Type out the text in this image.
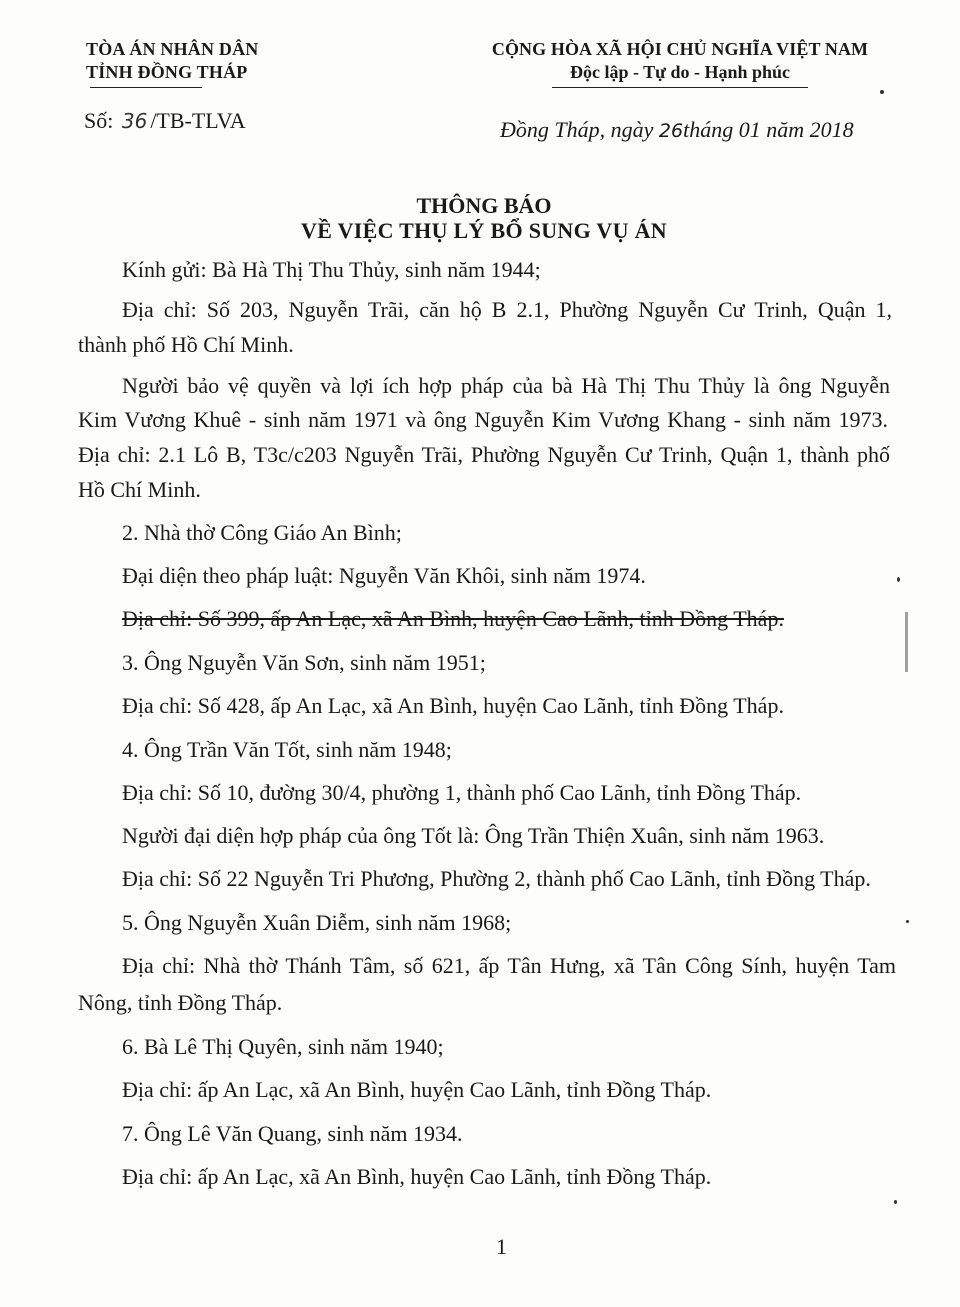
TÒA ÁN NHÂN DÂN
TỈNH ĐỒNG THÁP
CỘNG HÒA XÃ HỘI CHỦ NGHĨA VIỆT NAM
Độc lập - Tự do - Hạnh phúc
Số: 36 /TB-TLVA	Đồng Tháp, ngày 26tháng 01 năm 2018
THÔNG BÁO
VỀ VIỆC THỤ LÝ BỔ SUNG VỤ ÁN
Kính gửi: Bà Hà Thị Thu Thủy, sinh năm 1944;
Địa chỉ: Số 203, Nguyễn Trãi, căn hộ B 2.1, Phường Nguyễn Cư Trinh, Quận 1,
thành phố Hồ Chí Minh.
Người bảo vệ quyền và lợi ích hợp pháp của bà Hà Thị Thu Thủy là ông Nguyễn
Kim Vương Khuê - sinh năm 1971 và ông Nguyễn Kim Vương Khang - sinh năm 1973.
Địa chỉ: 2.1 Lô B, T3c/c203 Nguyễn Trãi, Phường Nguyễn Cư Trinh, Quận 1, thành phố
Hồ Chí Minh.
2. Nhà thờ Công Giáo An Bình;
Đại diện theo pháp luật: Nguyễn Văn Khôi, sinh năm 1974.
Địa chỉ: Số 399, ấp An Lạc, xã An Bình, huyện Cao Lãnh, tỉnh Đồng Tháp.
3. Ông Nguyễn Văn Sơn, sinh năm 1951;
Địa chỉ: Số 428, ấp An Lạc, xã An Bình, huyện Cao Lãnh, tỉnh Đồng Tháp.
4. Ông Trần Văn Tốt, sinh năm 1948;
Địa chỉ: Số 10, đường 30/4, phường 1, thành phố Cao Lãnh, tỉnh Đồng Tháp.
Người đại diện hợp pháp của ông Tốt là: Ông Trần Thiện Xuân, sinh năm 1963.
Địa chỉ: Số 22 Nguyễn Tri Phương, Phường 2, thành phố Cao Lãnh, tỉnh Đồng Tháp.
5. Ông Nguyễn Xuân Diễm, sinh năm 1968;
Địa chỉ: Nhà thờ Thánh Tâm, số 621, ấp Tân Hưng, xã Tân Công Sính, huyện Tam
Nông, tỉnh Đồng Tháp.
6. Bà Lê Thị Quyên, sinh năm 1940;
Địa chỉ: ấp An Lạc, xã An Bình, huyện Cao Lãnh, tỉnh Đồng Tháp.
7. Ông Lê Văn Quang, sinh năm 1934.
Địa chỉ: ấp An Lạc, xã An Bình, huyện Cao Lãnh, tỉnh Đồng Tháp.
1
